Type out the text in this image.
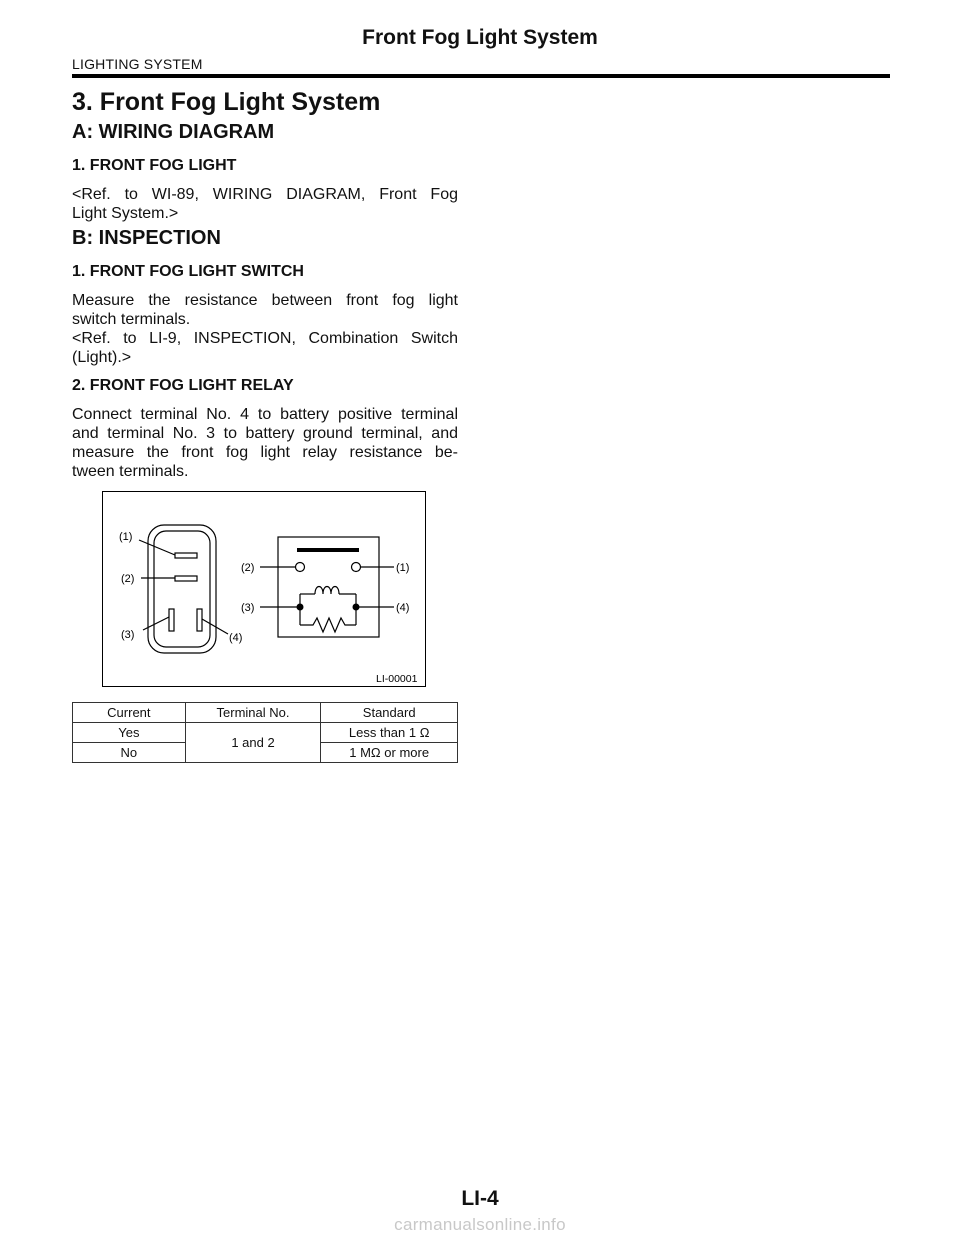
Front Fog Light System
LIGHTING SYSTEM
3. Front Fog Light System
A: WIRING DIAGRAM
1. FRONT FOG LIGHT
<Ref. to WI-89, WIRING DIAGRAM, Front Fog
Light System.>
B: INSPECTION
1. FRONT FOG LIGHT SWITCH
Measure the resistance between front fog light
switch terminals.
<Ref. to LI-9, INSPECTION, Combination Switch
(Light).>
2. FRONT FOG LIGHT RELAY
Connect terminal No. 4 to battery positive terminal
and terminal No. 3 to battery ground terminal, and
measure the front fog light relay resistance be-
tween terminals.
(1)
(2)
(3)	(4)
(2)	(1)
(3)	(4)
LI-00001
Current	Terminal No.	Standard
Yes	1 and 2	Less than 1 Ω
No		1 MΩ or more
LI-4
carmanualsonline.info
